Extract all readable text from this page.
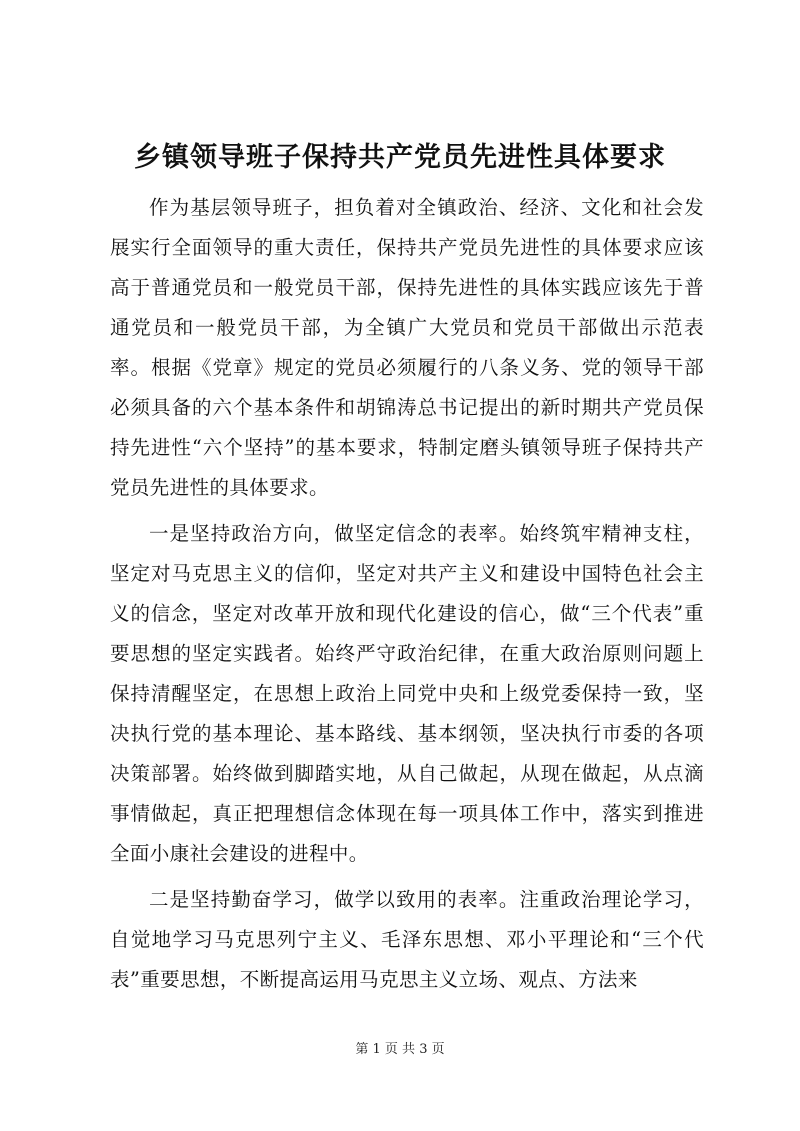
乡镇领导班子保持共产党员先进性具体要求

作为基层领导班子，担负着对全镇政治、经济、文化和社会发展实行全面领导的重大责任，保持共产党员先进性的具体要求应该高于普通党员和一般党员干部，保持先进性的具体实践应该先于普通党员和一般党员干部，为全镇广大党员和党员干部做出示范表率。根据《党章》规定的党员必须履行的八条义务、党的领导干部必须具备的六个基本条件和胡锦涛总书记提出的新时期共产党员保持先进性“六个坚持”的基本要求，特制定磨头镇领导班子保持共产党员先进性的具体要求。

一是坚持政治方向，做坚定信念的表率。始终筑牢精神支柱，坚定对马克思主义的信仰，坚定对共产主义和建设中国特色社会主义的信念，坚定对改革开放和现代化建设的信心，做“三个代表”重要思想的坚定实践者。始终严守政治纪律，在重大政治原则问题上保持清醒坚定，在思想上政治上同党中央和上级党委保持一致，坚决执行党的基本理论、基本路线、基本纲领，坚决执行市委的各项决策部署。始终做到脚踏实地，从自己做起，从现在做起，从点滴事情做起，真正把理想信念体现在每一项具体工作中，落实到推进全面小康社会建设的进程中。

二是坚持勤奋学习，做学以致用的表率。注重政治理论学习，自觉地学习马克思列宁主义、毛泽东思想、邓小平理论和“三个代表”重要思想，不断提高运用马克思主义立场、观点、方法来

第 1 页 共 3 页
